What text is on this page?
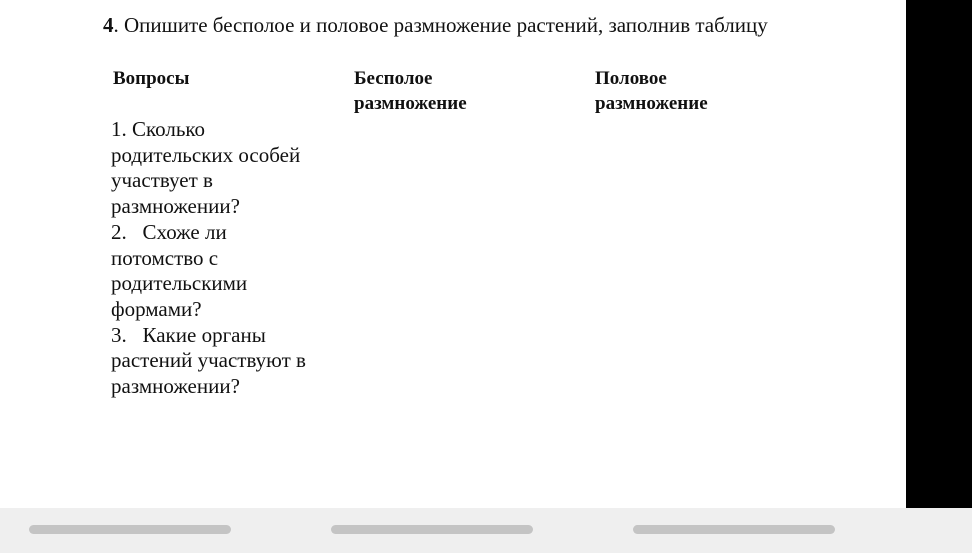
4. Опишите бесполое и половое размножение растений, заполнив таблицу
Вопросы	Бесполое
размножение
Половое
размножение
1. Сколько
родительских особей
участвует в
размножении?
2.   Схоже ли
потомство с
родительскими
формами?
3.   Какие органы
растений участвуют в
размножении?
